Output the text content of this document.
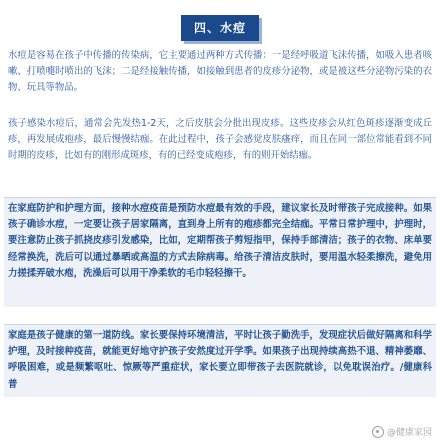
四、水痘

水痘是容易在孩子中传播的传染病，它主要通过两种方式传播：一是经呼吸道飞沫传播，如吸入患者咳嗽、打喷嚏时喷出的飞沫；二是经接触传播，如接触到患者的皮疹分泌物，或是被这些分泌物污染的衣物、玩具等物品。

孩子感染水痘后，通常会先发热1-2天，之后皮肤会分批出现皮疹。这些皮疹会从红色斑疹逐渐变成丘疹，再发展成疱疹，最后慢慢结痂。在此过程中，孩子会感觉皮肤瘙痒，而且在同一部位常能看到不同时期的皮疹，比如有的刚形成斑疹，有的已经变成疱疹，有的则开始结痂。

在家庭防护和护理方面，接种水痘疫苗是预防水痘最有效的手段，建议家长及时带孩子完成接种。如果孩子确诊水痘，一定要让孩子居家隔离，直到身上所有的疱疹都完全结痂。平常日常护理中，护理时，要注意防止孩子抓挠皮疹引发感染，比如，定期帮孩子剪短指甲，保持手部清洁；孩子的衣物、床单要经常换洗，洗后可以通过暴晒或高温的方式去除病毒。给孩子清洁皮肤时，要用温水轻柔擦洗，避免用力搓揉弄破水疱，洗澡后可以用干净柔软的毛巾轻轻擦干。

家庭是孩子健康的第一道防线。家长要保持环境清洁，平时让孩子勤洗手，发现症状后做好隔离和科学护理，及时接种疫苗，就能更好地守护孩子安然度过开学季。如果孩子出现持续高热不退、精神萎靡、呼吸困难，或是频繁呕吐、惊厥等严重症状，家长要立即带孩子去医院就诊，以免耽误治疗。/健康科普

@健康家园
